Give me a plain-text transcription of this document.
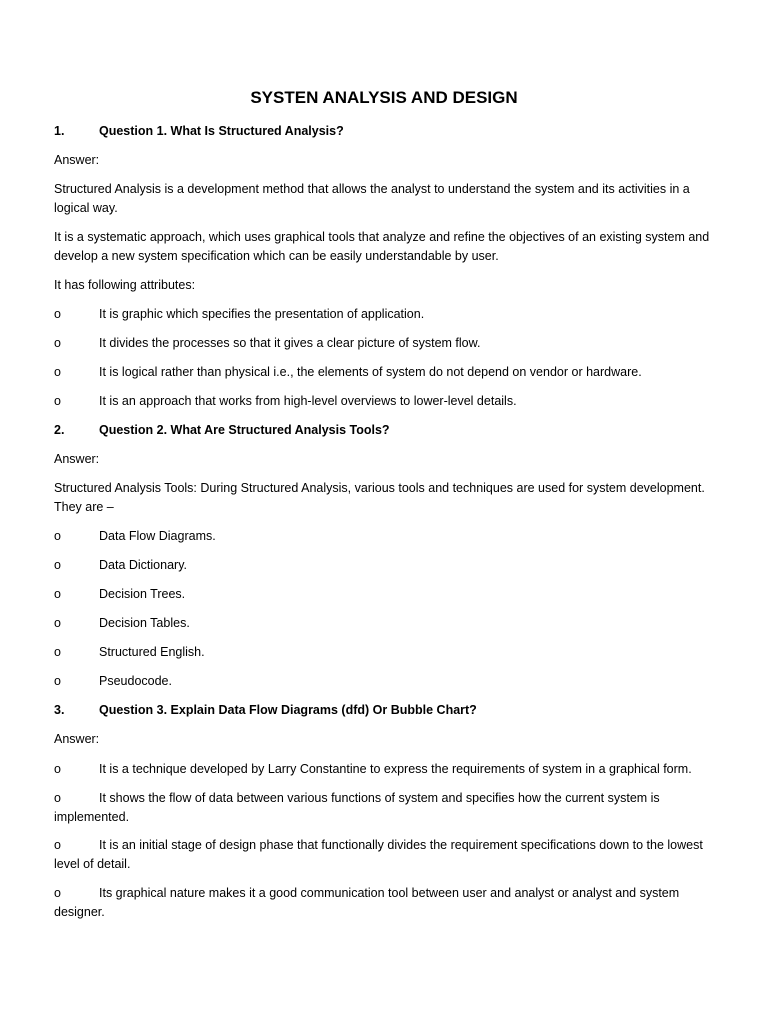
SYSTEN ANALYSIS AND DESIGN
1.	Question 1. What Is Structured Analysis?
Answer:
Structured Analysis is a development method that allows the analyst to understand the system and its activities in a
logical way.
It is a systematic approach, which uses graphical tools that analyze and refine the objectives of an existing system and
develop a new system specification which can be easily understandable by user.
It has following attributes:
o	It is graphic which specifies the presentation of application.
o	It divides the processes so that it gives a clear picture of system flow.
o	It is logical rather than physical i.e., the elements of system do not depend on vendor or hardware.
o	It is an approach that works from high-level overviews to lower-level details.
2.	Question 2. What Are Structured Analysis Tools?
Answer:
Structured Analysis Tools: During Structured Analysis, various tools and techniques are used for system development.
They are –
o	Data Flow Diagrams.
o	Data Dictionary.
o	Decision Trees.
o	Decision Tables.
o	Structured English.
o	Pseudocode.
3.	Question 3. Explain Data Flow Diagrams (dfd) Or Bubble Chart?
Answer:
o	It is a technique developed by Larry Constantine to express the requirements of system in a graphical form.
o	It shows the flow of data between various functions of system and specifies how the current system is implemented.
o	It is an initial stage of design phase that functionally divides the requirement specifications down to the lowest level of detail.
o	Its graphical nature makes it a good communication tool between user and analyst or analyst and system designer.
